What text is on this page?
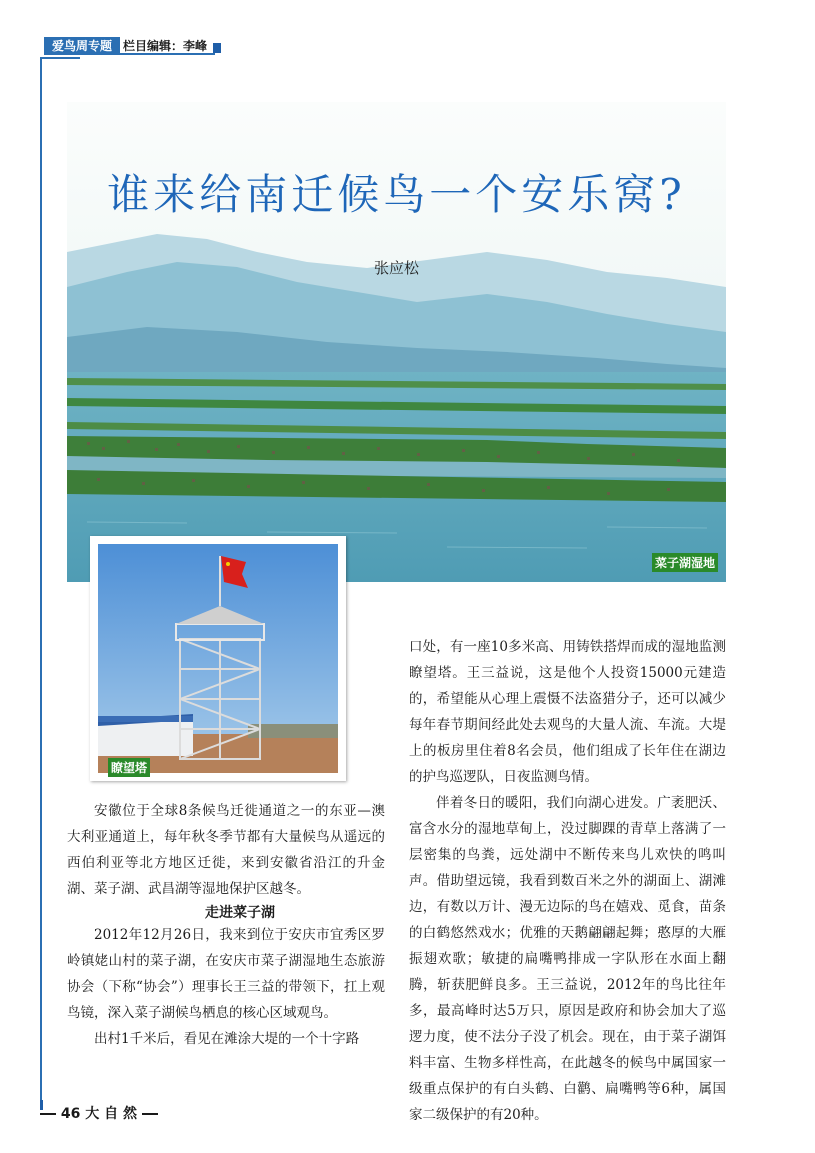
爱鸟周专题 栏目编辑：李峰
谁来给南迁候鸟一个安乐窝?
张应松
菜子湖湿地
瞭望塔

安徽位于全球8条候鸟迁徙通道之一的东亚—澳大利亚通道上，每年秋冬季节都有大量候鸟从遥远的西伯利亚等北方地区迁徙，来到安徽省沿江的升金湖、菜子湖、武昌湖等湿地保护区越冬。

走进菜子湖

2012年12月26日，我来到位于安庆市宜秀区罗岭镇姥山村的菜子湖，在安庆市菜子湖湿地生态旅游协会（下称“协会”）理事长王三益的带领下，扛上观鸟镜，深入菜子湖候鸟栖息的核心区域观鸟。

出村1千米后，看见在滩涂大堤的一个十字路

口处，有一座10多米高、用铸铁搭焊而成的湿地监测瞭望塔。王三益说，这是他个人投资15000元建造的，希望能从心理上震慑不法盗猎分子，还可以减少每年春节期间经此处去观鸟的大量人流、车流。大堤上的板房里住着8名会员，他们组成了长年住在湖边的护鸟巡逻队，日夜监测鸟情。

伴着冬日的暖阳，我们向湖心进发。广袤肥沃、富含水分的湿地草甸上，没过脚踝的青草上落满了一层密集的鸟粪，远处湖中不断传来鸟儿欢快的鸣叫声。借助望远镜，我看到数百米之外的湖面上、湖滩边，有数以万计、漫无边际的鸟在嬉戏、觅食，苗条的白鹤悠然戏水；优雅的天鹅翩翩起舞；憨厚的大雁振翅欢歌；敏捷的扁嘴鸭排成一字队形在水面上翻腾，斩获肥鲜良多。王三益说，2012年的鸟比往年多，最高峰时达5万只，原因是政府和协会加大了巡逻力度，使不法分子没了机会。现在，由于菜子湖饵料丰富、生物多样性高，在此越冬的候鸟中属国家一级重点保护的有白头鹤、白鹳、扁嘴鸭等6种，属国家二级保护的有20种。

46 大 自 然
